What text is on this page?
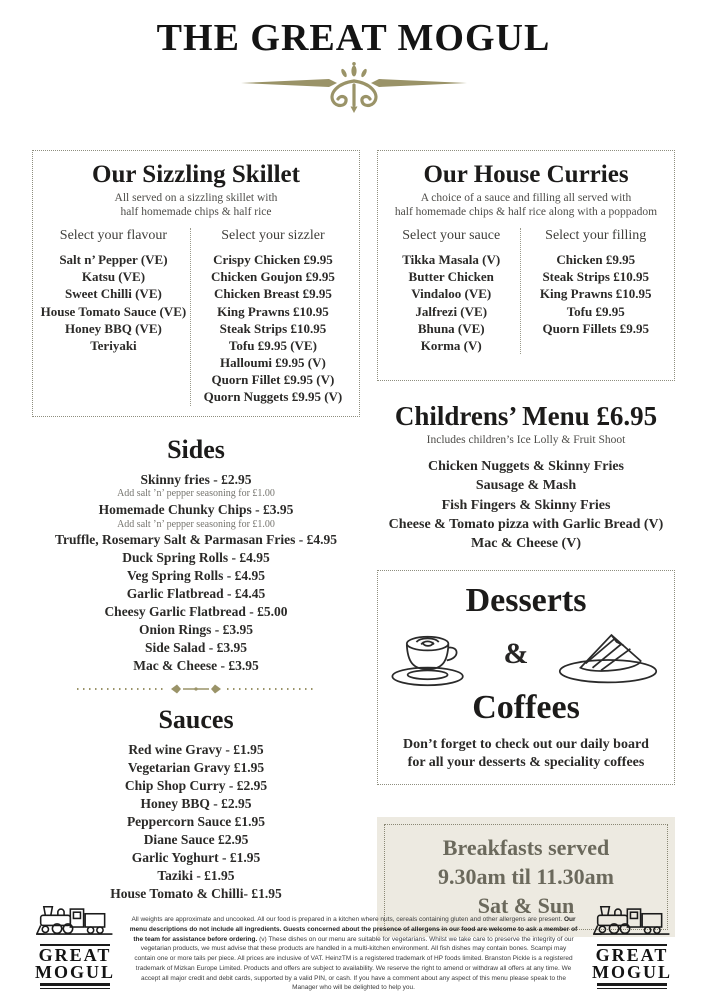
THE GREAT MOGUL
Our Sizzling Skillet
All served on a sizzling skillet with
half homemade chips & half rice
Select your flavour
Salt n’ Pepper (VE)
Katsu (VE)
Sweet Chilli (VE)
House Tomato Sauce (VE)
Honey BBQ (VE)
Teriyaki
Select your sizzler
Crispy Chicken £9.95
Chicken Goujon £9.95
Chicken Breast £9.95
King Prawns £10.95
Steak Strips £10.95
Tofu £9.95 (VE)
Halloumi £9.95 (V)
Quorn Fillet £9.95 (V)
Quorn Nuggets £9.95 (V)
Sides
Skinny fries - £2.95
Add salt ’n’ pepper seasoning for £1.00
Homemade Chunky Chips - £3.95
Add salt ’n’ pepper seasoning for £1.00
Truffle, Rosemary Salt & Parmasan Fries - £4.95
Duck Spring Rolls - £4.95
Veg Spring Rolls - £4.95
Garlic Flatbread - £4.45
Cheesy Garlic Flatbread - £5.00
Onion Rings - £3.95
Side Salad - £3.95
Mac & Cheese - £3.95
Sauces
Red wine Gravy - £1.95
Vegetarian Gravy £1.95
Chip Shop Curry - £2.95
Honey BBQ - £2.95
Peppercorn Sauce £1.95
Diane Sauce £2.95
Garlic Yoghurt - £1.95
Taziki - £1.95
House Tomato & Chilli- £1.95
Our House Curries
A choice of a sauce and filling all served with
half homemade chips & half rice along with a poppadom
Select your sauce
Tikka Masala (V)
Butter Chicken
Vindaloo (VE)
Jalfrezi (VE)
Bhuna (VE)
Korma (V)
Select your filling
Chicken £9.95
Steak Strips £10.95
King Prawns £10.95
Tofu £9.95
Quorn Fillets £9.95
Childrens’ Menu £6.95
Includes children’s Ice Lolly & Fruit Shoot
Chicken Nuggets & Skinny Fries
Sausage & Mash
Fish Fingers & Skinny Fries
Cheese & Tomato pizza with Garlic Bread (V)
Mac & Cheese (V)
Desserts
&
Coffees
Don’t forget to check out our daily board
for all your desserts & speciality coffees
Breakfasts served
9.30am til 11.30am
Sat & Sun
GREAT
MOGUL
All weights are approximate and uncooked. All our food is prepared in a kitchen where nuts, cereals containing gluten and other allergens are present. Our menu descriptions do not include all ingredients. Guests concerned about the presence of allergens in our food are welcome to ask a member of the team for assistance before ordering. (v) These dishes on our menu are suitable for vegetarians. Whilst we take care to preserve the integrity of our vegetarian products, we must advise that these products are handled in a multi-kitchen environment. All fish dishes may contain bones. Scampi may contain one or more tails per piece. All prices are inclusive of VAT. HeinzTM is a registered trademark of HP foods limited. Branston Pickle is a registered trademark of Mizkan Europe Limited. Products and offers are subject to availability. We reserve the right to amend or withdraw all offers at any time. We accept all major credit and debit cards, supported by a valid PIN, or cash. If you have a comment about any aspect of this menu please speak to the Manager who will be delighted to help you.
GREAT
MOGUL
